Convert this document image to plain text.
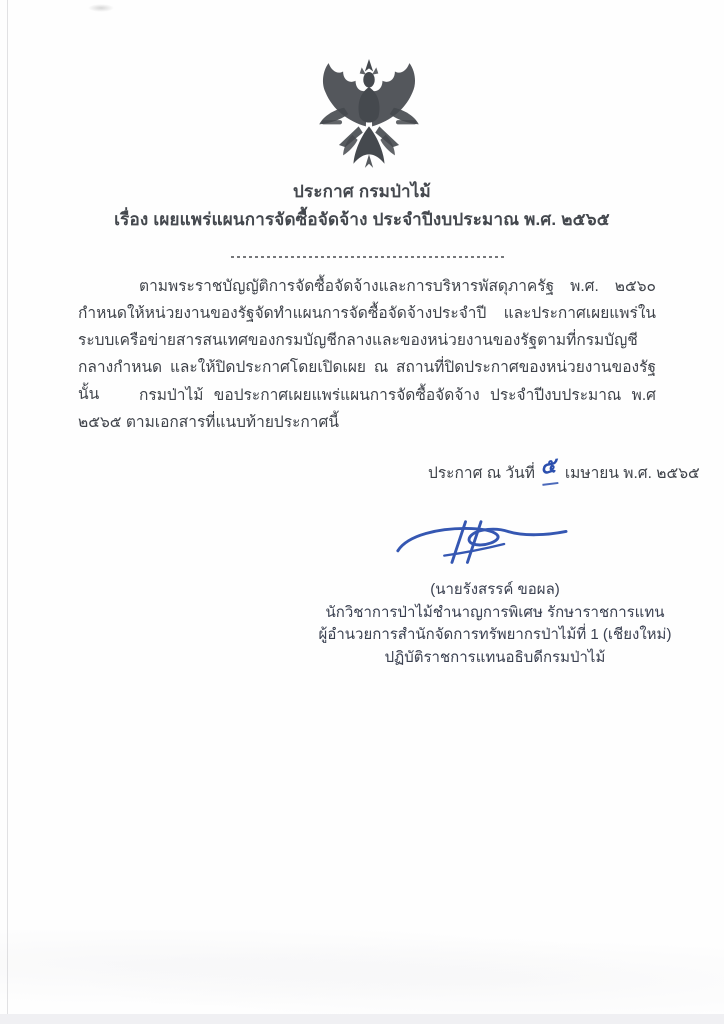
ประกาศ กรมป่าไม้
เรื่อง เผยแพร่แผนการจัดซื้อจัดจ้าง ประจำปีงบประมาณ พ.ศ. ๒๕๖๕
ตามพระราชบัญญัติการจัดซื้อจัดจ้างและการบริหารพัสดุภาครัฐ พ.ศ. ๒๕๖๐ กำหนดให้หน่วยงานของรัฐจัดทำแผนการจัดซื้อจัดจ้างประจำปี และประกาศเผยแพร่ในระบบเครือข่ายสารสนเทศของกรมบัญชีกลางและของหน่วยงานของรัฐตามที่กรมบัญชีกลางกำหนด และให้ปิดประกาศโดยเปิดเผย ณ สถานที่ปิดประกาศของหน่วยงานของรัฐ นั้น	กรมป่าไม้ ขอประกาศเผยแพร่แผนการจัดซื้อจัดจ้าง ประจำปีงบประมาณ พ.ศ ๒๕๖๕ ตามเอกสารที่แนบท้ายประกาศนี้
ประกาศ ณ วันที่ ๕ เมษายน พ.ศ. ๒๕๖๕
(นายรังสรรค์ ขอผล)
นักวิชาการป่าไม้ชำนาญการพิเศษ รักษาราชการแทน
ผู้อำนวยการสำนักจัดการทรัพยากรป่าไม้ที่ 1 (เชียงใหม่)
ปฏิบัติราชการแทนอธิบดีกรมป่าไม้
